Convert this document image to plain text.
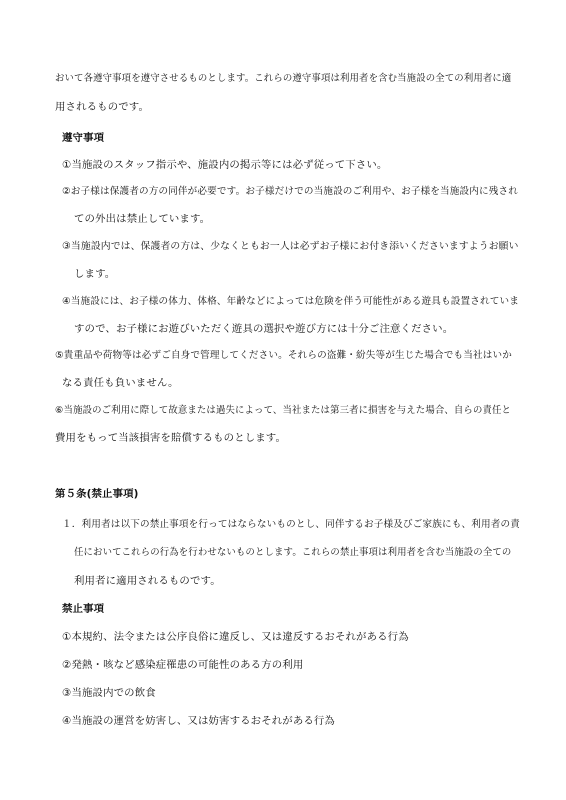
おいて各遵守事項を遵守させるものとします。これらの遵守事項は利用者を含む当施設の全ての利用者に適
用されるものです。
遵守事項
①当施設のスタッフ指示や、施設内の掲示等には必ず従って下さい。
②お子様は保護者の方の同伴が必要です。お子様だけでの当施設のご利用や、お子様を当施設内に残され
ての外出は禁止しています。
③当施設内では、保護者の方は、少なくともお一人は必ずお子様にお付き添いくださいますようお願い
します。
④当施設には、お子様の体力、体格、年齢などによっては危険を伴う可能性がある遊具も設置されていま
すので、お子様にお遊びいただく遊具の選択や遊び方には十分ご注意ください。
⑤貴重品や荷物等は必ずご自身で管理してください。それらの盗難・紛失等が生じた場合でも当社はいか
なる責任も負いません。
⑥当施設のご利用に際して故意または過失によって、当社または第三者に損害を与えた場合、自らの責任と
費用をもって当該損害を賠償するものとします。
第５条(禁止事項)
１．利用者は以下の禁止事項を行ってはならないものとし、同伴するお子様及びご家族にも、利用者の責
任においてこれらの行為を行わせないものとします。これらの禁止事項は利用者を含む当施設の全ての
利用者に適用されるものです。
禁止事項
①本規約、法令または公序良俗に違反し、又は違反するおそれがある行為
②発熱・咳など感染症罹患の可能性のある方の利用
③当施設内での飲食
④当施設の運営を妨害し、又は妨害するおそれがある行為
